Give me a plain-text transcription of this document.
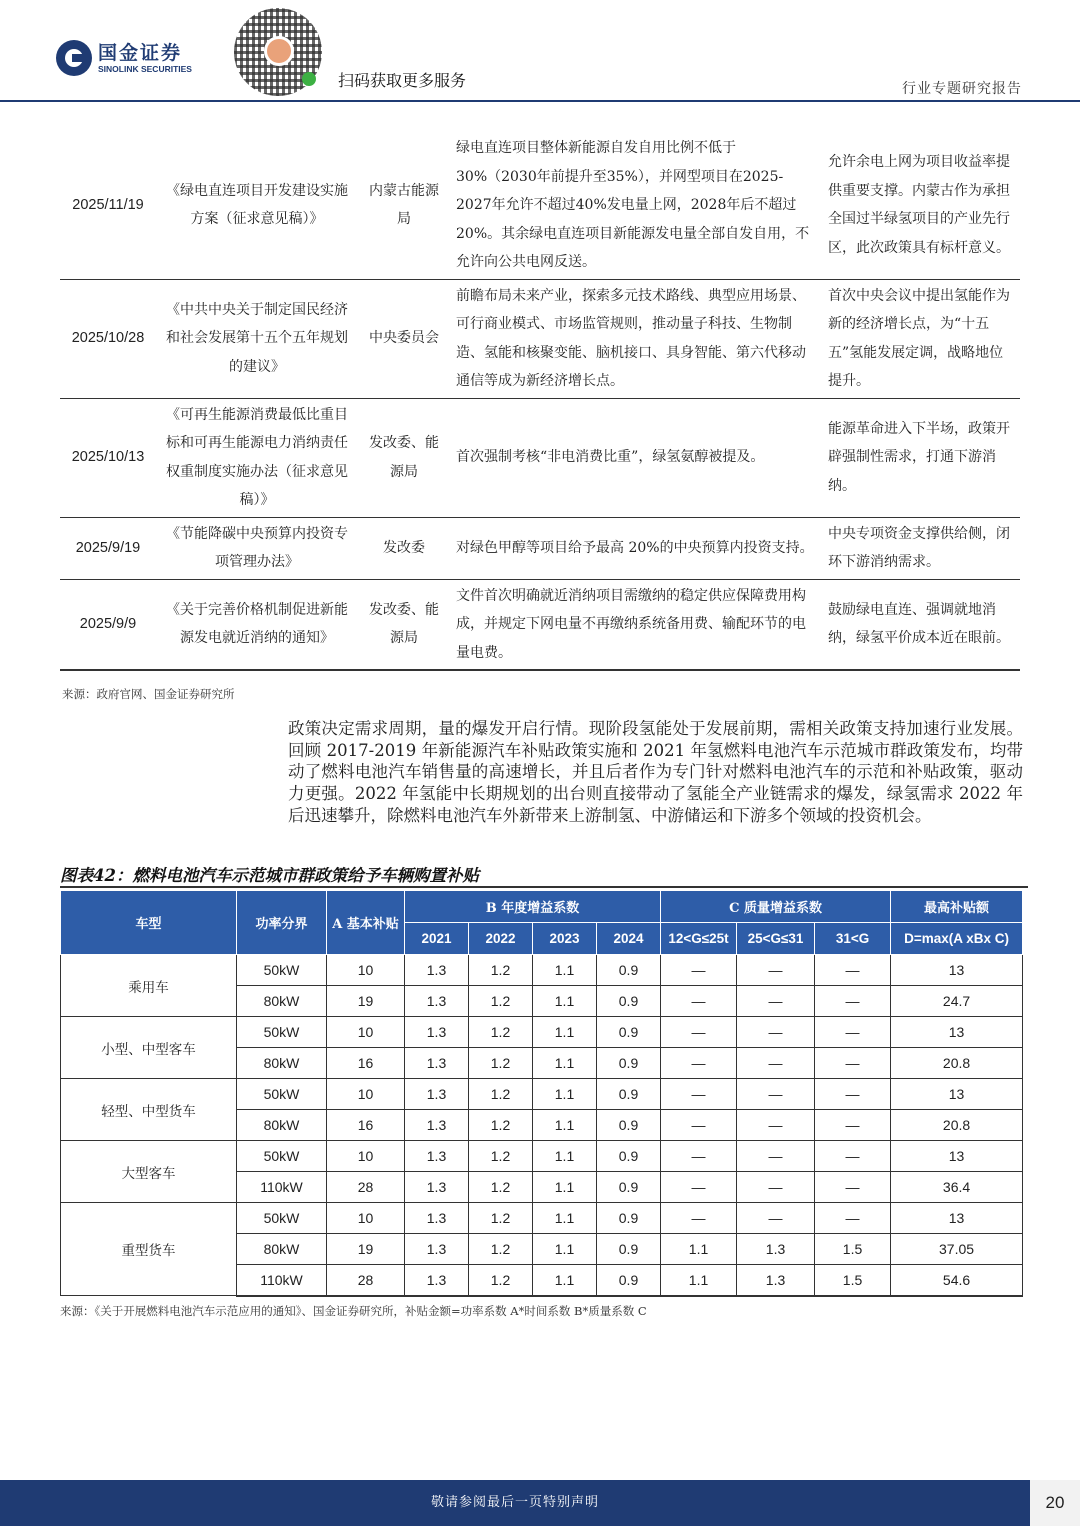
国金证券
SINOLINK SECURITIES
扫码获取更多服务	行业专题研究报告
2025/11/19	《绿电直连项目开发建设实施方案（征求意见稿）》	内蒙古能源局	绿电直连项目整体新能源自发自用比例不低于30%（2030年前提升至35%），并网型项目在2025-2027年允许不超过40%发电量上网，2028年后不超过20%。其余绿电直连项目新能源发电量全部自发自用，不允许向公共电网反送。	允许余电上网为项目收益率提供重要支撑。内蒙古作为承担全国过半绿氢项目的产业先行区，此次政策具有标杆意义。
2025/10/28	《中共中央关于制定国民经济和社会发展第十五个五年规划的建议》	中央委员会	前瞻布局未来产业，探索多元技术路线、典型应用场景、可行商业模式、市场监管规则，推动量子科技、生物制造、氢能和核聚变能、脑机接口、具身智能、第六代移动通信等成为新经济增长点。	首次中央会议中提出氢能作为新的经济增长点，为“十五五”氢能发展定调，战略地位提升。
2025/10/13	《可再生能源消费最低比重目标和可再生能源电力消纳责任权重制度实施办法（征求意见稿）》	发改委、能源局	首次强制考核“非电消费比重”，绿氢氨醇被提及。	能源革命进入下半场，政策开辟强制性需求，打通下游消纳。
2025/9/19	《节能降碳中央预算内投资专项管理办法》	发改委	对绿色甲醇等项目给予最高 20%的中央预算内投资支持。	中央专项资金支撑供给侧，闭环下游消纳需求。
2025/9/9	《关于完善价格机制促进新能源发电就近消纳的通知》	发改委、能源局	文件首次明确就近消纳项目需缴纳的稳定供应保障费用构成，并规定下网电量不再缴纳系统备用费、输配环节的电量电费。	鼓励绿电直连、强调就地消纳，绿氢平价成本近在眼前。
来源：政府官网、国金证券研究所
政策决定需求周期，量的爆发开启行情。现阶段氢能处于发展前期，需相关政策支持加速行业发展。回顾 2017-2019 年新能源汽车补贴政策实施和 2021 年氢燃料电池汽车示范城市群政策发布，均带动了燃料电池汽车销售量的高速增长，并且后者作为专门针对燃料电池汽车的示范和补贴政策，驱动力更强。2022 年氢能中长期规划的出台则直接带动了氢能全产业链需求的爆发，绿氢需求 2022 年后迅速攀升，除燃料电池汽车外新带来上游制氢、中游储运和下游多个领域的投资机会。
图表42：燃料电池汽车示范城市群政策给予车辆购置补贴
车型	功率分界	A 基本补贴	B 年度增益系数				C 质量增益系数			最高补贴额
			2021	2022	2023	2024	12<G≤25t	25<G≤31	31<G	D=max(A xBx C)
乘用车	50kW	10	1.3	1.2	1.1	0.9	—	—	—	13
	80kW	19	1.3	1.2	1.1	0.9	—	—	—	24.7
小型、中型客车	50kW	10	1.3	1.2	1.1	0.9	—	—	—	13
	80kW	16	1.3	1.2	1.1	0.9	—	—	—	20.8
轻型、中型货车	50kW	10	1.3	1.2	1.1	0.9	—	—	—	13
	80kW	16	1.3	1.2	1.1	0.9	—	—	—	20.8
大型客车	50kW	10	1.3	1.2	1.1	0.9	—	—	—	13
	110kW	28	1.3	1.2	1.1	0.9	—	—	—	36.4
重型货车	50kW	10	1.3	1.2	1.1	0.9	—	—	—	13
	80kW	19	1.3	1.2	1.1	0.9	1.1	1.3	1.5	37.05
	110kW	28	1.3	1.2	1.1	0.9	1.1	1.3	1.5	54.6
来源：《关于开展燃料电池汽车示范应用的通知》、国金证券研究所，补贴金额=功率系数 A*时间系数 B*质量系数 C
敬请参阅最后一页特别声明	20
